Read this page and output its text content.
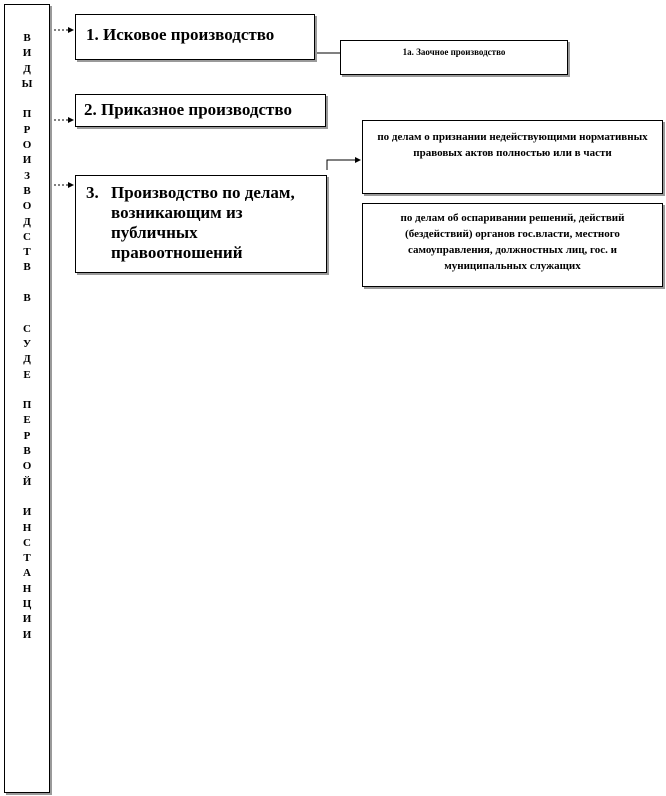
В
И
Д
Ы
П
Р
О
И
З
В
О
Д
С
Т
В
В
С
У
Д
Е
П
Е
Р
В
О
Й
И
Н
С
Т
А
Н
Ц
И
И
1. Исковое производство
1а. Заочное производство
2. Приказное производство
3. Производство по делам, возникающим из публичных правоотношений
по делам о признании недействующими нормативных правовых актов полностью или в части
по делам об оспаривании решений, действий (бездействий) органов гос.власти, местного самоуправления, должностных лиц, гос. и муниципальных служащих
